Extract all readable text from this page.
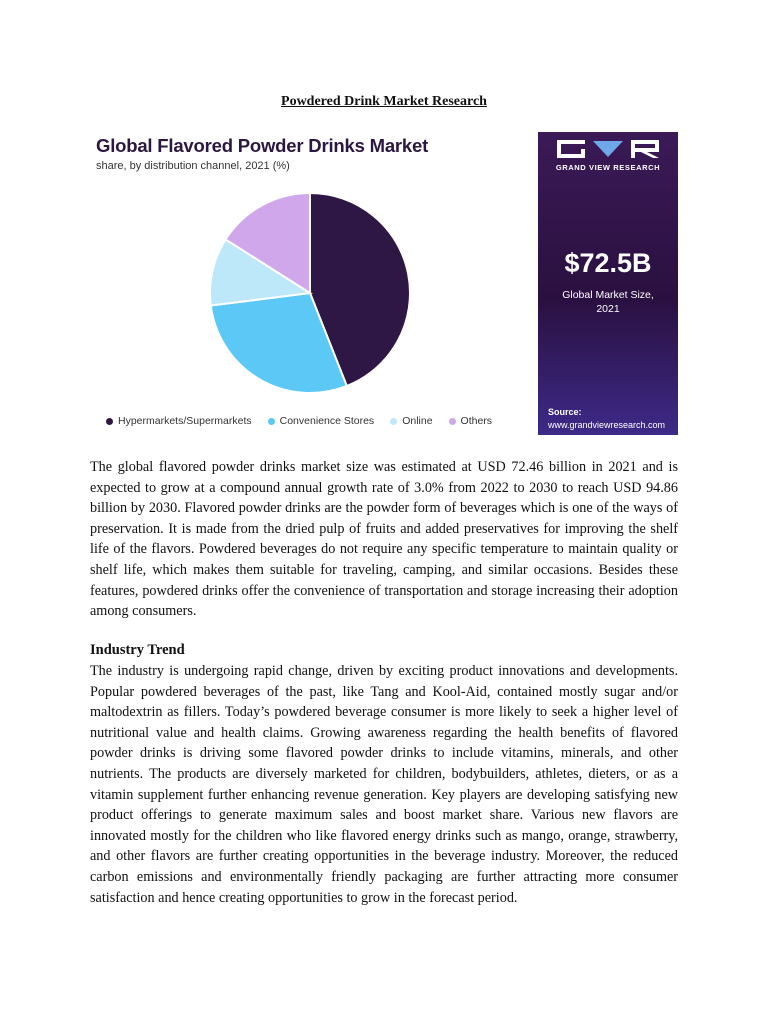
Powdered Drink Market Research
Global Flavored Powder Drinks Market
share, by distribution channel, 2021 (%)
Hypermarkets/Supermarkets	Convenience Stores	Online	Others
GRAND VIEW RESEARCH
$72.5B
Global Market Size,
2021
Source:
www.grandviewresearch.com

The global flavored powder drinks market size was estimated at USD 72.46 billion in 2021 and is expected to grow at a compound annual growth rate of 3.0% from 2022 to 2030 to reach USD 94.86 billion by 2030. Flavored powder drinks are the powder form of beverages which is one of the ways of preservation. It is made from the dried pulp of fruits and added preservatives for improving the shelf life of the flavors. Powdered beverages do not require any specific temperature to maintain quality or shelf life, which makes them suitable for traveling, camping, and similar occasions. Besides these features, powdered drinks offer the convenience of transportation and storage increasing their adoption among consumers.

Industry Trend

The industry is undergoing rapid change, driven by exciting product innovations and developments. Popular powdered beverages of the past, like Tang and Kool-Aid, contained mostly sugar and/or maltodextrin as fillers. Today’s powdered beverage consumer is more likely to seek a higher level of nutritional value and health claims. Growing awareness regarding the health benefits of flavored powder drinks is driving some flavored powder drinks to include vitamins, minerals, and other nutrients. The products are diversely marketed for children, bodybuilders, athletes, dieters, or as a vitamin supplement further enhancing revenue generation. Key players are developing satisfying new product offerings to generate maximum sales and boost market share. Various new flavors are innovated mostly for the children who like flavored energy drinks such as mango, orange, strawberry, and other flavors are further creating opportunities in the beverage industry. Moreover, the reduced carbon emissions and environmentally friendly packaging are further attracting more consumer satisfaction and hence creating opportunities to grow in the forecast period.
